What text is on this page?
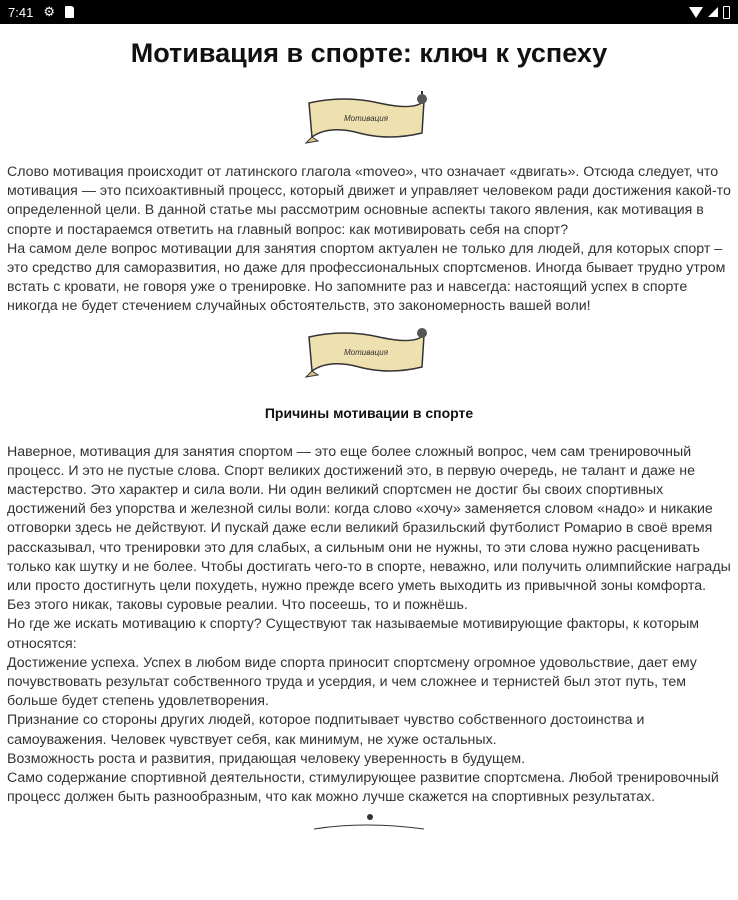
7:41 ⚙
Мотивация в спорте: ключ к успеху
Мотивация

Слово мотивация происходит от латинского глагола «moveo», что означает «двигать». Отсюда следует, что мотивация — это психоактивный процесс, который движет и управляет человеком ради достижения какой-то определенной цели. В данной статье мы рассмотрим основные аспекты такого явления, как мотивация в спорте и постараемся ответить на главный вопрос: как мотивировать себя на спорт?

На самом деле вопрос мотивации для занятия спортом актуален не только для людей, для которых спорт – это средство для саморазвития, но даже для профессиональных спортсменов. Иногда бывает трудно утром встать с кровати, не говоря уже о тренировке. Но запомните раз и навсегда: настоящий успех в спорте никогда не будет стечением случайных обстоятельств, это закономерность вашей воли!

Мотивация
Причины мотивации в спорте

Наверное, мотивация для занятия спортом — это еще более сложный вопрос, чем сам тренировочный процесс. И это не пустые слова. Спорт великих достижений это, в первую очередь, не талант и даже не мастерство. Это характер и сила воли. Ни один великий спортсмен не достиг бы своих спортивных достижений без упорства и железной силы воли: когда слово «хочу» заменяется словом «надо» и никакие отговорки здесь не действуют. И пускай даже если великий бразильский футболист Ромарио в своё время рассказывал, что тренировки это для слабых, а сильным они не нужны, то эти слова нужно расценивать только как шутку и не более. Чтобы достигать чего-то в спорте, неважно, или получить олимпийские награды или просто достигнуть цели похудеть, нужно прежде всего уметь выходить из привычной зоны комфорта. Без этого никак, таковы суровые реалии. Что посеешь, то и пожнёшь.

Но где же искать мотивацию к спорту? Существуют так называемые мотивирующие факторы, к которым относятся:

Достижение успеха. Успех в любом виде спорта приносит спортсмену огромное удовольствие, дает ему почувствовать результат собственного труда и усердия, и чем сложнее и тернистей был этот путь, тем больше будет степень удовлетворения.

Признание со стороны других людей, которое подпитывает чувство собственного достоинства и самоуважения. Человек чувствует себя, как минимум, не хуже остальных.

Возможность роста и развития, придающая человеку уверенность в будущем.

Само содержание спортивной деятельности, стимулирующее развитие спортсмена. Любой тренировочный процесс должен быть разнообразным, что как можно лучше скажется на спортивных результатах.
